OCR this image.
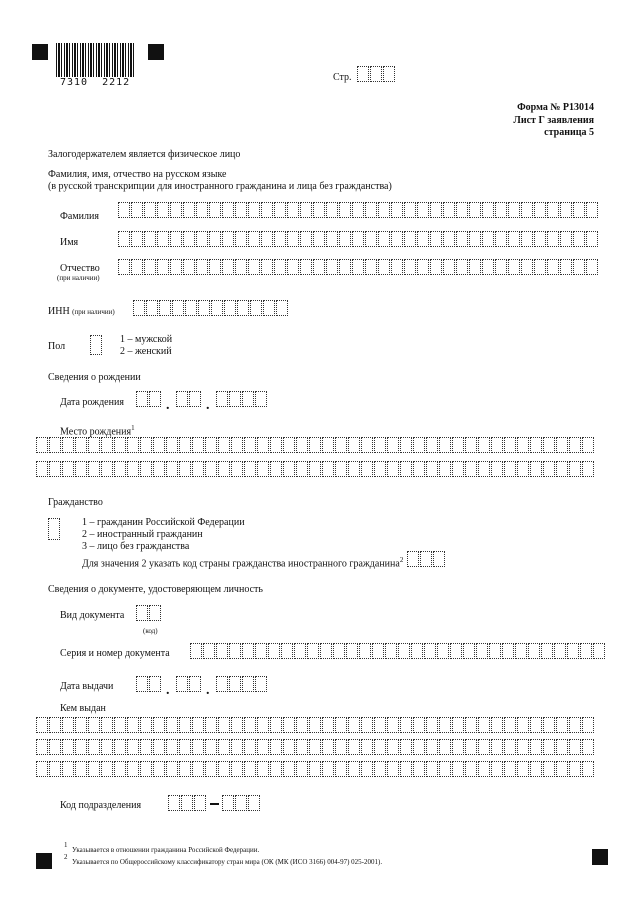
7310  2212	Стр.
Форма № Р13014
Лист Г заявления
страница 5
Залогодержателем является физическое лицо
Фамилия, имя, отчество на русском языке
(в русской транскрипции для иностранного гражданина и лица без гражданства)
Фамилия
Имя
Отчество
(при наличии)
ИНН (при наличии)
Пол
1 – мужской
2 – женский
Сведения о рождении
Дата рождения	.	.
Место рождения$^1$
Гражданство
1 – гражданин Российской Федерации
2 – иностранный гражданин
3 – лицо без гражданства
Для значения 2 указать код страны гражданства иностранного гражданина$^2$
Сведения о документе, удостоверяющем личность
Вид документа
(код)
Серия и номер документа
Дата выдачи	.	.
Кем выдан
Код подразделения
1
Указывается в отношении гражданина Российской Федерации.
2
Указывается по Общероссийскому классификатору стран мира (ОК (МК (ИСО 3166) 004-97) 025-2001).
